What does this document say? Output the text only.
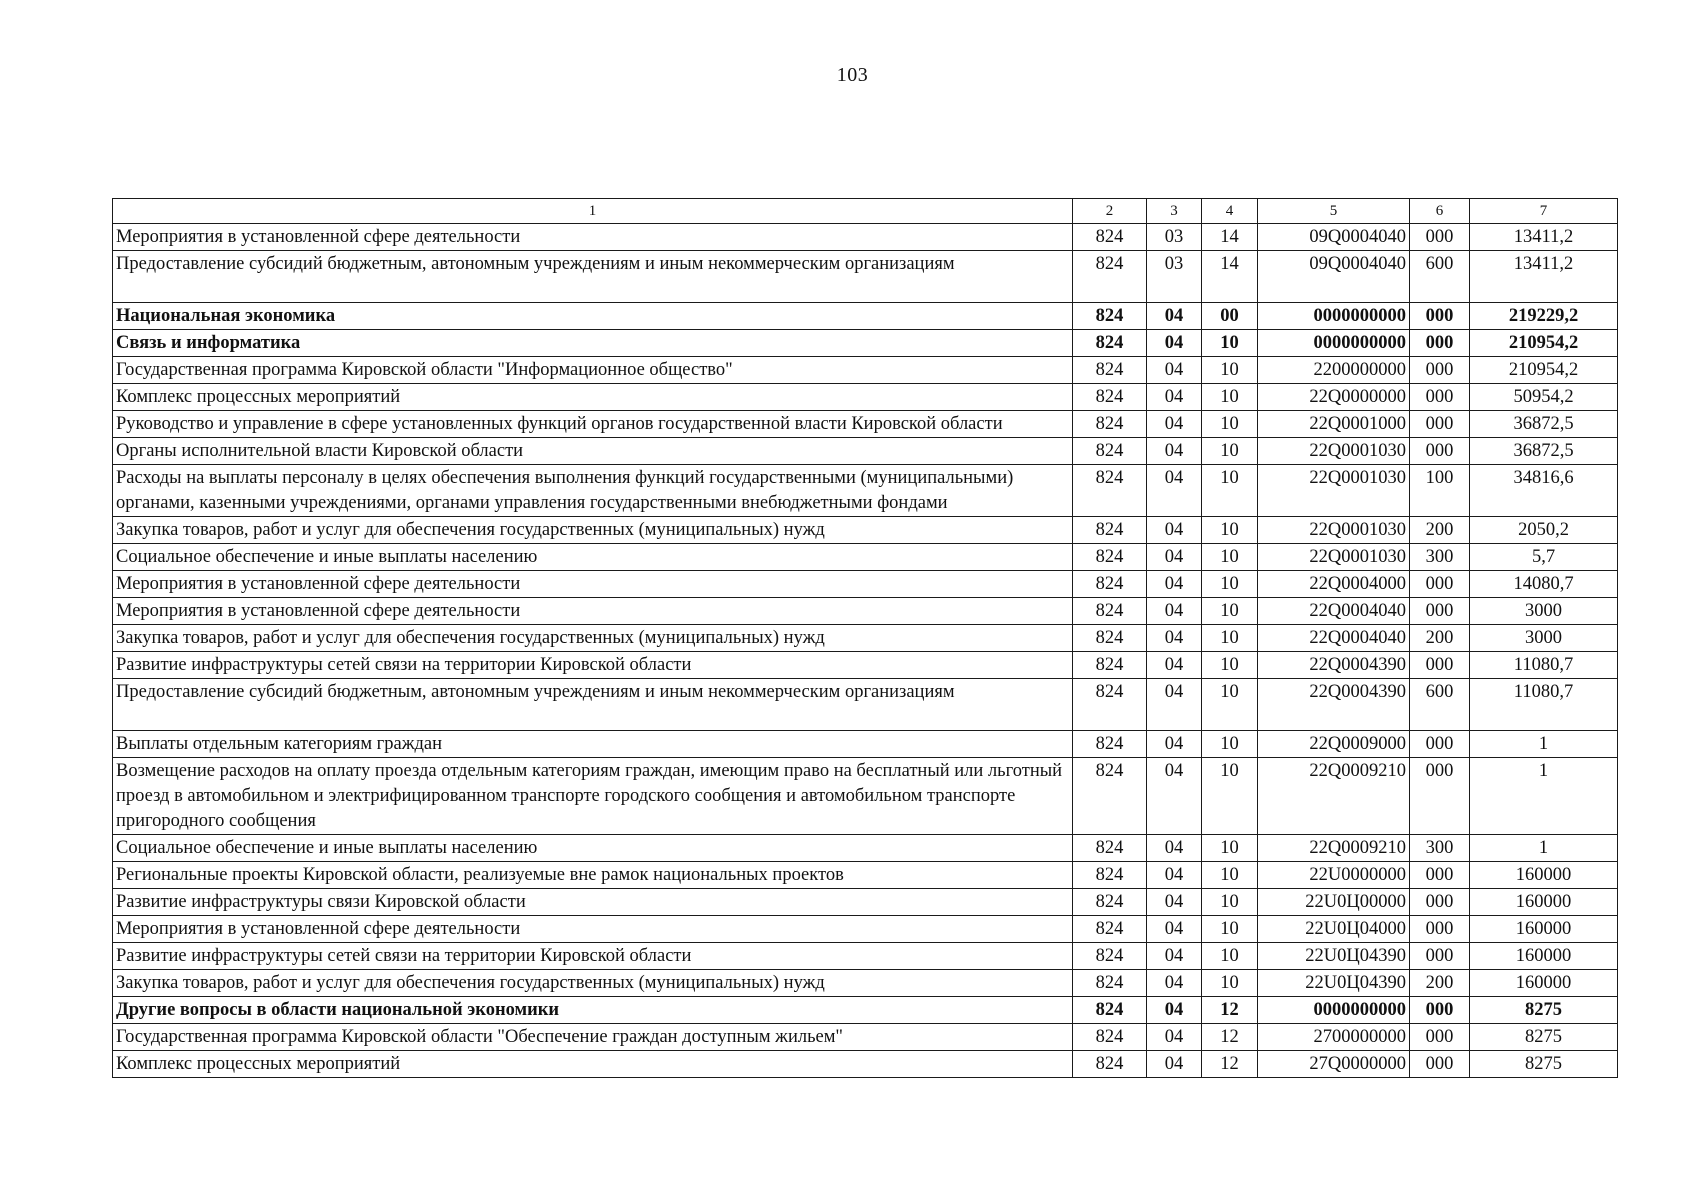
103
1	2	3	4	5	6	7
Мероприятия в установленной сфере деятельности	824	03	14	09Q0004040	000	13411,2
Предоставление субсидий бюджетным, автономным учреждениям и иным некоммерческим организациям	824	03	14	09Q0004040	600	13411,2
Национальная экономика	824	04	00	0000000000	000	219229,2
Связь и информатика	824	04	10	0000000000	000	210954,2
Государственная программа Кировской области "Информационное общество"	824	04	10	2200000000	000	210954,2
Комплекс процессных мероприятий	824	04	10	22Q0000000	000	50954,2
Руководство и управление в сфере установленных функций органов государственной власти Кировской области	824	04	10	22Q0001000	000	36872,5
Органы исполнительной власти Кировской области	824	04	10	22Q0001030	000	36872,5
Расходы на выплаты персоналу в целях обеспечения выполнения функций государственными (муниципальными) органами, казенными учреждениями, органами управления государственными внебюджетными фондами	824	04	10	22Q0001030	100	34816,6
Закупка товаров, работ и услуг для обеспечения государственных (муниципальных) нужд	824	04	10	22Q0001030	200	2050,2
Социальное обеспечение и иные выплаты населению	824	04	10	22Q0001030	300	5,7
Мероприятия в установленной сфере деятельности	824	04	10	22Q0004000	000	14080,7
Мероприятия в установленной сфере деятельности	824	04	10	22Q0004040	000	3000
Закупка товаров, работ и услуг для обеспечения государственных (муниципальных) нужд	824	04	10	22Q0004040	200	3000
Развитие инфраструктуры сетей связи на территории Кировской области	824	04	10	22Q0004390	000	11080,7
Предоставление субсидий бюджетным, автономным учреждениям и иным некоммерческим организациям	824	04	10	22Q0004390	600	11080,7
Выплаты отдельным категориям граждан	824	04	10	22Q0009000	000	1
Возмещение расходов на оплату проезда отдельным категориям граждан, имеющим право на бесплатный или льготный проезд в автомобильном и электрифицированном транспорте городского сообщения и автомобильном транспорте пригородного сообщения	824	04	10	22Q0009210	000	1
Социальное обеспечение и иные выплаты населению	824	04	10	22Q0009210	300	1
Региональные проекты Кировской области, реализуемые вне рамок национальных проектов	824	04	10	22U0000000	000	160000
Развитие инфраструктуры связи Кировской области	824	04	10	22U0Ц00000	000	160000
Мероприятия в установленной сфере деятельности	824	04	10	22U0Ц04000	000	160000
Развитие инфраструктуры сетей связи на территории Кировской области	824	04	10	22U0Ц04390	000	160000
Закупка товаров, работ и услуг для обеспечения государственных (муниципальных) нужд	824	04	10	22U0Ц04390	200	160000
Другие вопросы в области национальной экономики	824	04	12	0000000000	000	8275
Государственная программа Кировской области "Обеспечение граждан доступным жильем"	824	04	12	2700000000	000	8275
Комплекс процессных мероприятий	824	04	12	27Q0000000	000	8275
